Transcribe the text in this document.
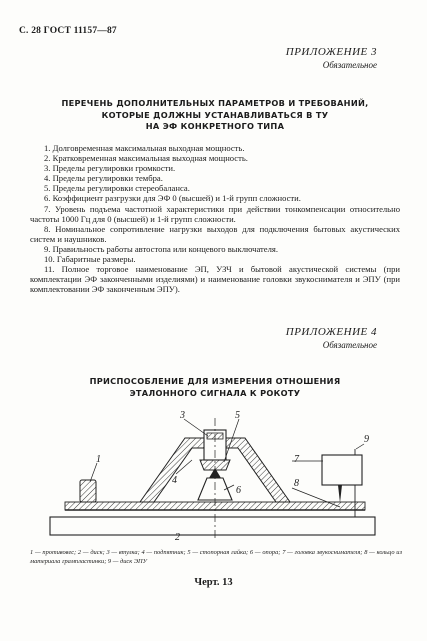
С. 28 ГОСТ 11157—87
ПРИЛОЖЕНИЕ 3
Обязательное
ПЕРЕЧЕНЬ ДОПОЛНИТЕЛЬНЫХ ПАРАМЕТРОВ И ТРЕБОВАНИЙ,
КОТОРЫЕ ДОЛЖНЫ УСТАНАВЛИВАТЬСЯ В ТУ
НА ЭФ КОНКРЕТНОГО ТИПА
1. Долговременная максимальная выходная мощность.
2. Кратковременная максимальная выходная мощность.
3. Пределы регулировки громкости.
4. Пределы регулировки тембра.
5. Пределы регулировки стереобаланса.
6. Коэффициент разгрузки для ЭФ 0 (высшей) и 1-й групп сложности.
7. Уровень подъема частотной характеристики при действии тонкомпенсации относительно частоты 1000 Гц для 0 (высшей) и 1-й групп сложности.
8. Номинальное сопротивление нагрузки выходов для подключения бытовых акустических систем и наушников.
9. Правильность работы автостопа или концевого выключателя.
10. Габаритные размеры.
11. Полное торговое наименование ЭП, УЗЧ и бытовой акустической системы (при комплектации ЭФ законченными изделиями) и наименование головки звукоснимателя и ЭПУ (при комплектовании ЭФ законченным ЭПУ).
ПРИЛОЖЕНИЕ 4
Обязательное
ПРИСПОСОБЛЕНИЕ ДЛЯ ИЗМЕРЕНИЯ ОТНОШЕНИЯ
ЭТАЛОННОГО СИГНАЛА К РОКОТУ
1
2
3
4
5
6
7
8
9
1 — противовес; 2 — диск; 3 — втулка; 4 — подпятник; 5 — стопорная гайка; 6 — опора; 7 — головка звукоснимателя; 8 — кольцо из материала грампластинки; 9 — диск ЭПУ
Черт. 13
